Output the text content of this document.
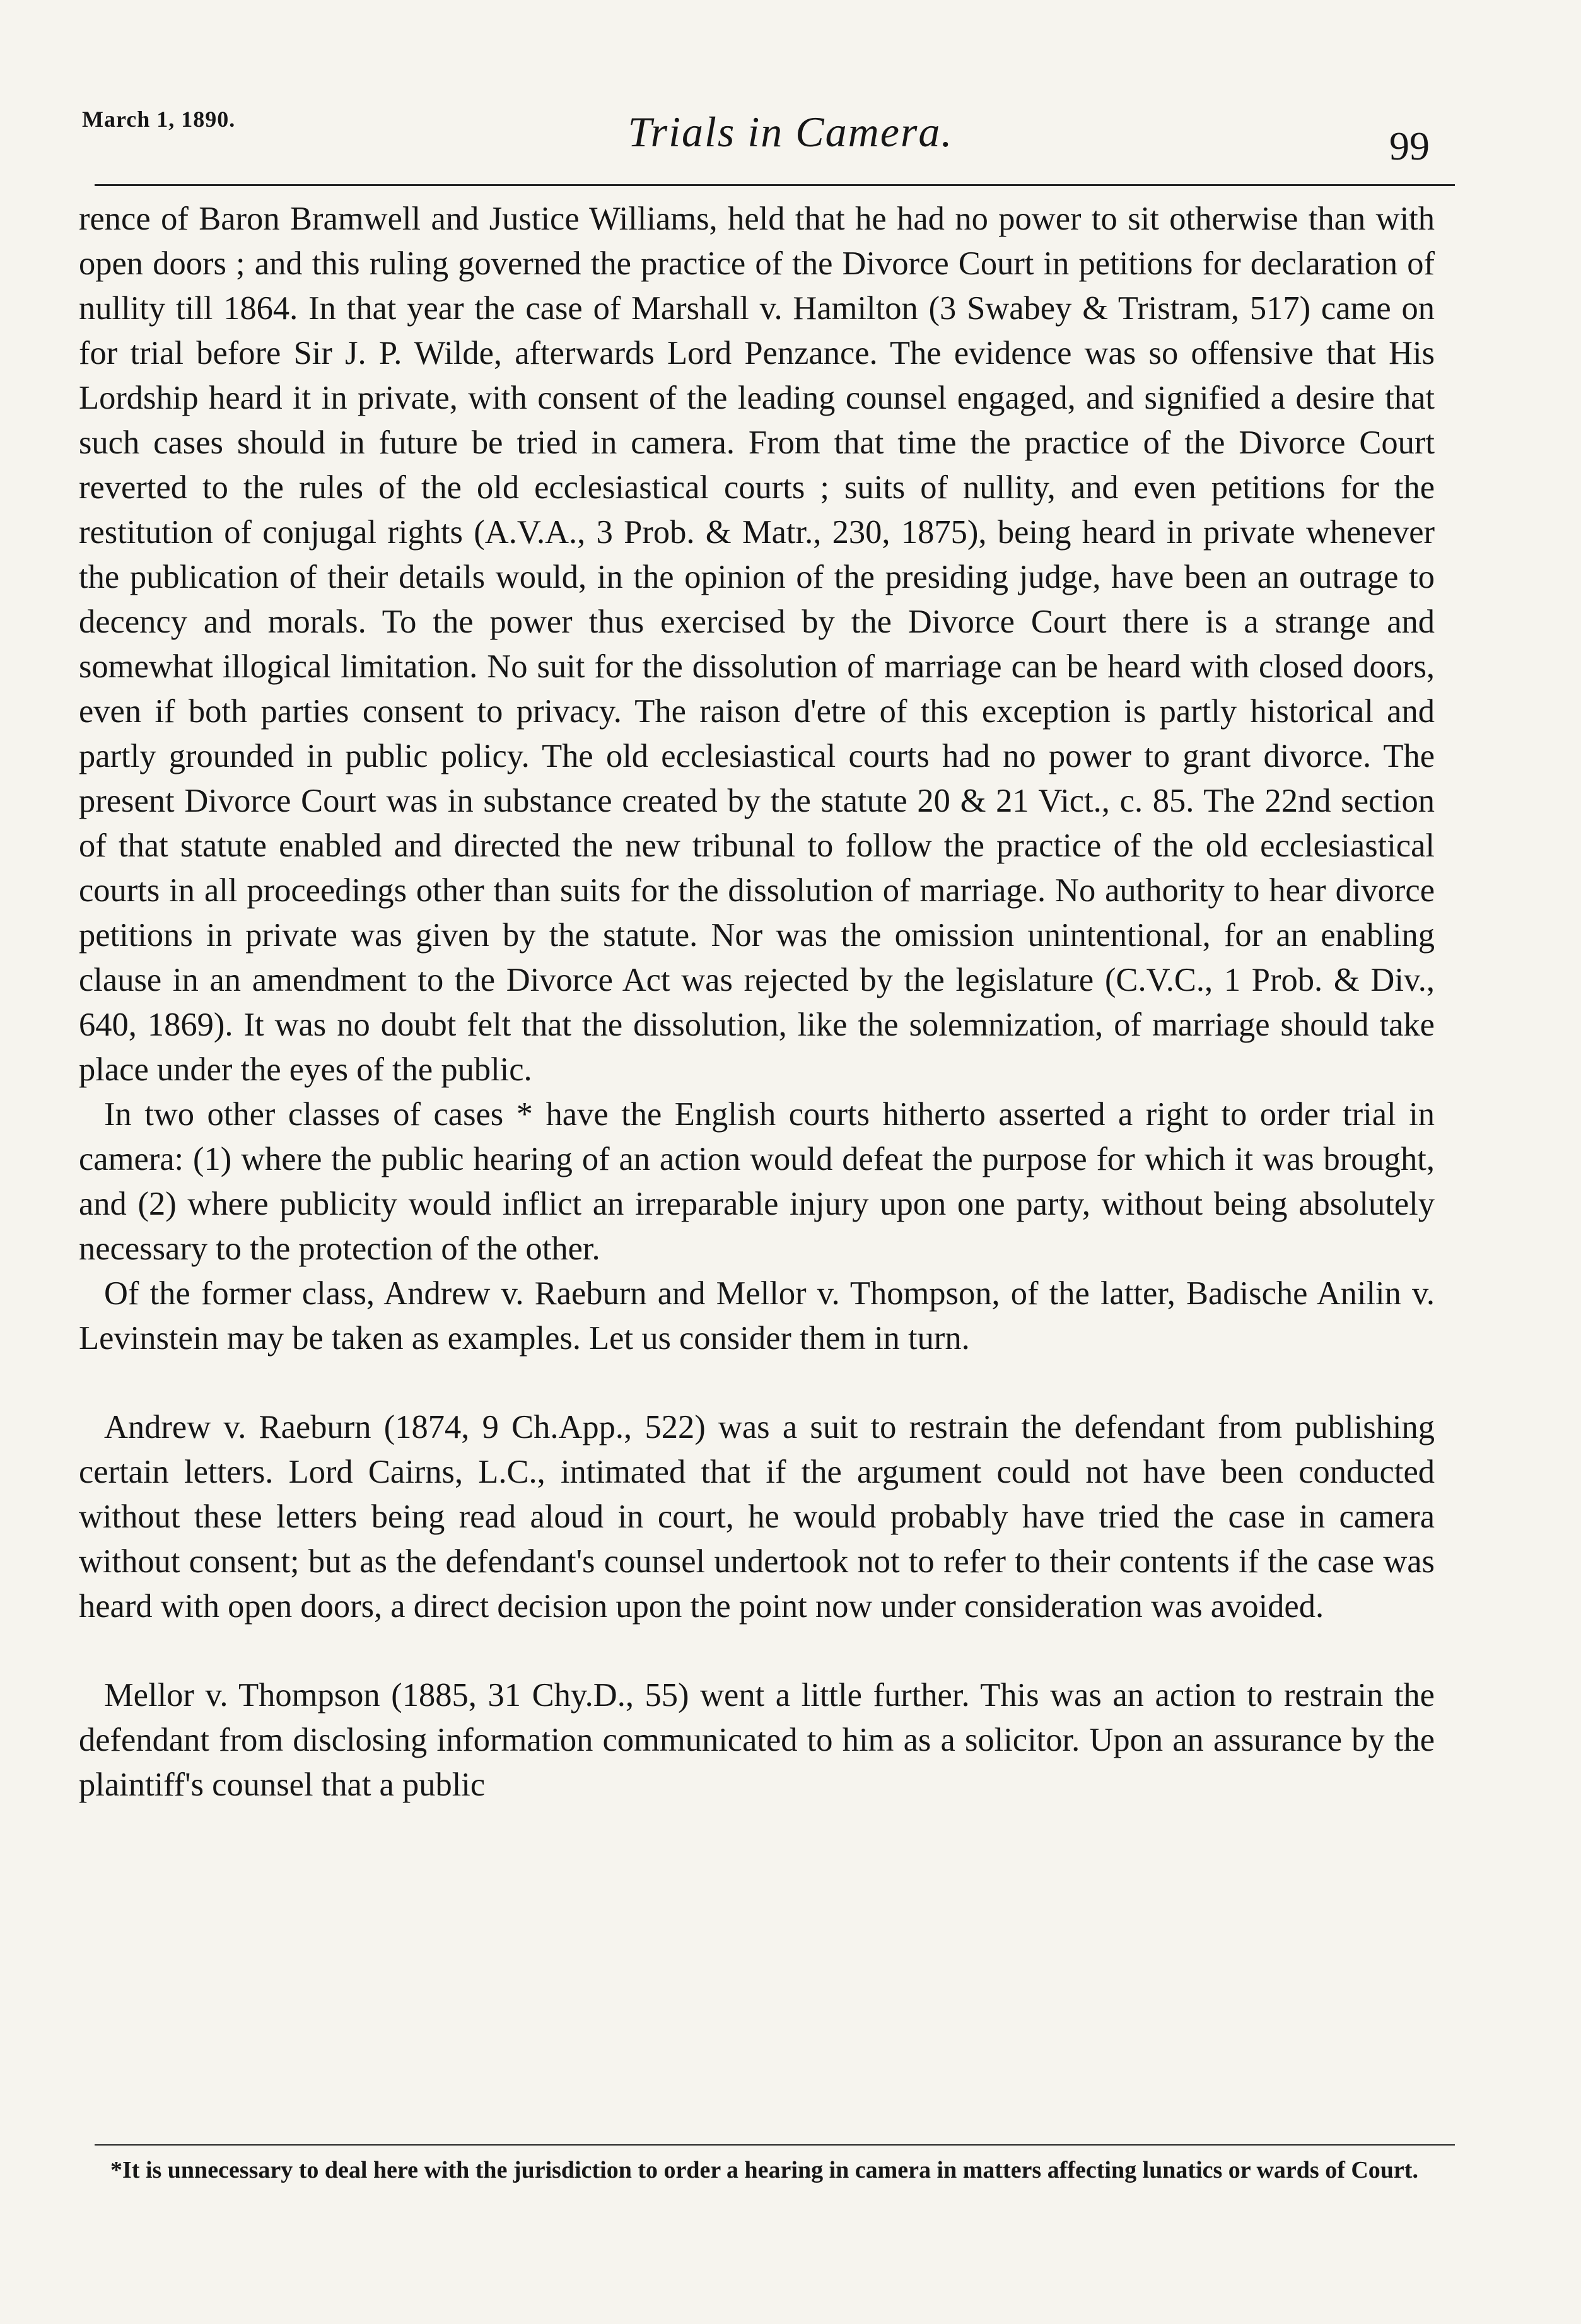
March 1, 1890.	Trials in Camera.	99

rence of Baron Bramwell and Justice Williams, held that he had no power to sit otherwise than with open doors ; and this ruling governed the practice of the Divorce Court in petitions for declaration of nullity till 1864. In that year the case of Marshall v. Hamilton (3 Swabey & Tristram, 517) came on for trial before Sir J. P. Wilde, afterwards Lord Penzance. The evidence was so offensive that His Lordship heard it in private, with consent of the leading counsel engaged, and signified a desire that such cases should in future be tried in camera. From that time the practice of the Divorce Court reverted to the rules of the old ecclesiastical courts ; suits of nullity, and even petitions for the restitution of conjugal rights (A.V.A., 3 Prob. & Matr., 230, 1875), being heard in private whenever the publication of their details would, in the opinion of the presiding judge, have been an outrage to decency and morals. To the power thus exercised by the Divorce Court there is a strange and somewhat illogical limitation. No suit for the dissolution of marriage can be heard with closed doors, even if both parties consent to privacy. The raison d'etre of this exception is partly historical and partly grounded in public policy. The old ecclesiastical courts had no power to grant divorce. The present Divorce Court was in substance created by the statute 20 & 21 Vict., c. 85. The 22nd section of that statute enabled and directed the new tribunal to follow the practice of the old ecclesiastical courts in all proceedings other than suits for the dissolution of marriage. No authority to hear divorce petitions in private was given by the statute. Nor was the omission unintentional, for an enabling clause in an amendment to the Divorce Act was rejected by the legislature (C.V.C., 1 Prob. & Div., 640, 1869). It was no doubt felt that the dissolution, like the solemnization, of marriage should take place under the eyes of the public.

In two other classes of cases * have the English courts hitherto asserted a right to order trial in camera: (1) where the public hearing of an action would defeat the purpose for which it was brought, and (2) where publicity would inflict an irreparable injury upon one party, without being absolutely necessary to the protection of the other.

Of the former class, Andrew v. Raeburn and Mellor v. Thompson, of the latter, Badische Anilin v. Levinstein may be taken as examples. Let us consider them in turn.

Andrew v. Raeburn (1874, 9 Ch.App., 522) was a suit to restrain the defendant from publishing certain letters. Lord Cairns, L.C., intimated that if the argument could not have been conducted without these letters being read aloud in court, he would probably have tried the case in camera without consent; but as the defendant's counsel undertook not to refer to their contents if the case was heard with open doors, a direct decision upon the point now under consideration was avoided.

Mellor v. Thompson (1885, 31 Chy.D., 55) went a little further. This was an action to restrain the defendant from disclosing information communicated to him as a solicitor. Upon an assurance by the plaintiff's counsel that a public

*It is unnecessary to deal here with the jurisdiction to order a hearing in camera in matters affecting lunatics or wards of Court.
